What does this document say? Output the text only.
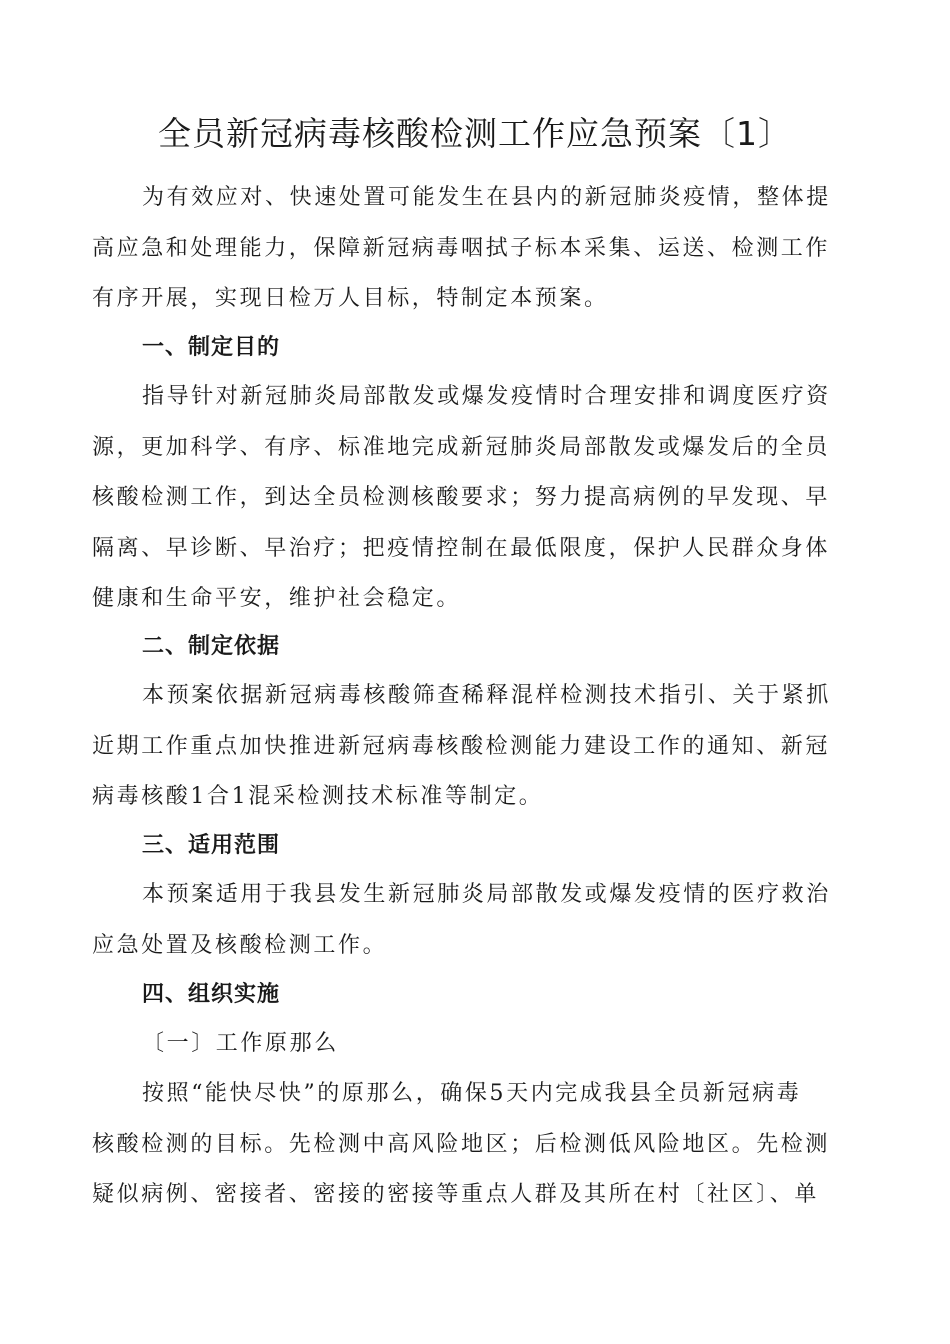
全员新冠病毒核酸检测工作应急预案〔1〕
为有效应对、快速处置可能发生在县内的新冠肺炎疫情，整体提
高应急和处理能力，保障新冠病毒咽拭子标本采集、运送、检测工作
有序开展，实现日检万人目标，特制定本预案。
一、制定目的
指导针对新冠肺炎局部散发或爆发疫情时合理安排和调度医疗资
源，更加科学、有序、标准地完成新冠肺炎局部散发或爆发后的全员
核酸检测工作，到达全员检测核酸要求；努力提高病例的早发现、早
隔离、早诊断、早治疗；把疫情控制在最低限度，保护人民群众身体
健康和生命平安，维护社会稳定。
二、制定依据
本预案依据新冠病毒核酸筛查稀释混样检测技术指引、关于紧抓
近期工作重点加快推进新冠病毒核酸检测能力建设工作的通知、新冠
病毒核酸1合1混采检测技术标准等制定。
三、适用范围
本预案适用于我县发生新冠肺炎局部散发或爆发疫情的医疗救治
应急处置及核酸检测工作。
四、组织实施
〔一〕工作原那么
按照“能快尽快”的原那么，确保5天内完成我县全员新冠病毒
核酸检测的目标。先检测中高风险地区；后检测低风险地区。先检测
疑似病例、密接者、密接的密接等重点人群及其所在村〔社区〕、单
